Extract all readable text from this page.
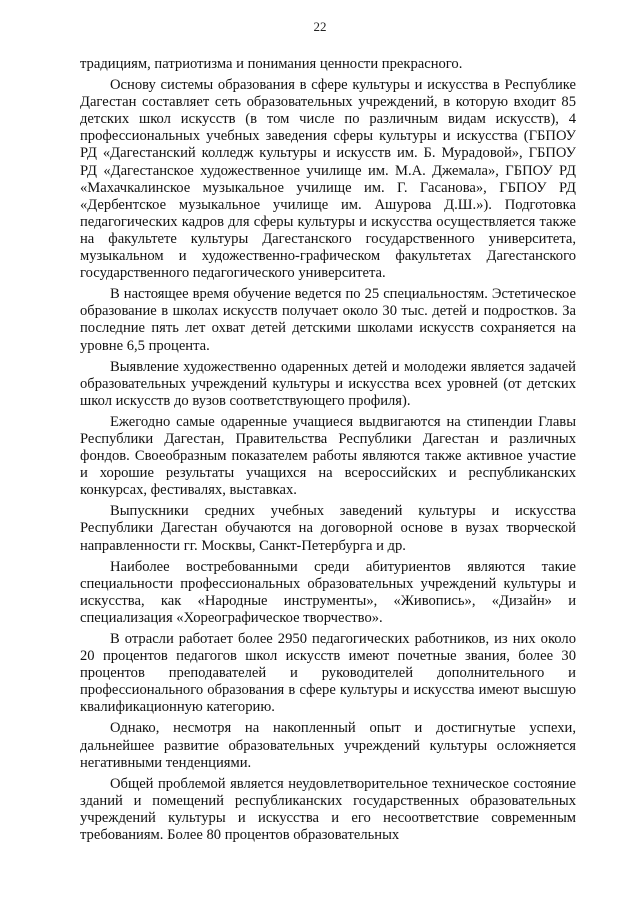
22

традициям, патриотизма и понимания ценности прекрасного.

Основу системы образования в сфере культуры и искусства в Республике Дагестан составляет сеть образовательных учреждений, в которую входит 85 детских школ искусств (в том числе по различным видам искусств), 4 профессиональных учебных заведения сферы культуры и искусства (ГБПОУ РД «Дагестанский колледж культуры и искусств им. Б. Мурадовой», ГБПОУ РД «Дагестанское художественное училище им. М.А. Джемала», ГБПОУ РД «Махачкалинское музыкальное училище им. Г. Гасанова», ГБПОУ РД «Дербентское музыкальное училище им. Ашурова Д.Ш.»). Подготовка педагогических кадров для сферы культуры и искусства осуществляется также на факультете культуры Дагестанского государственного университета, музыкальном и художественно-графическом факультетах Дагестанского государственного педагогического университета.

В настоящее время обучение ведется по 25 специальностям. Эстетическое образование в школах искусств получает около 30 тыс. детей и подростков. За последние пять лет охват детей детскими школами искусств сохраняется на уровне 6,5 процента.

Выявление художественно одаренных детей и молодежи является задачей образовательных учреждений культуры и искусства всех уровней (от детских школ искусств до вузов соответствующего профиля).

Ежегодно самые одаренные учащиеся выдвигаются на стипендии Главы Республики Дагестан, Правительства Республики Дагестан и различных фондов. Своеобразным показателем работы являются также активное участие и хорошие результаты учащихся на всероссийских и республиканских конкурсах, фестивалях, выставках.

Выпускники средних учебных заведений культуры и искусства Республики Дагестан обучаются на договорной основе в вузах творческой направленности гг. Москвы, Санкт-Петербурга и др.

Наиболее востребованными среди абитуриентов являются такие специальности профессиональных образовательных учреждений культуры и искусства, как «Народные инструменты», «Живопись», «Дизайн» и специализация «Хореографическое творчество».

В отрасли работает более 2950 педагогических работников, из них около 20 процентов педагогов школ искусств имеют почетные звания, более 30 процентов преподавателей и руководителей дополнительного и профессионального образования в сфере культуры и искусства имеют высшую квалификационную категорию.

Однако, несмотря на накопленный опыт и достигнутые успехи, дальнейшее развитие образовательных учреждений культуры осложняется негативными тенденциями.

Общей проблемой является неудовлетворительное техническое состояние зданий и помещений республиканских государственных образовательных учреждений культуры и искусства и его несоответствие современным требованиям. Более 80 процентов образовательных
